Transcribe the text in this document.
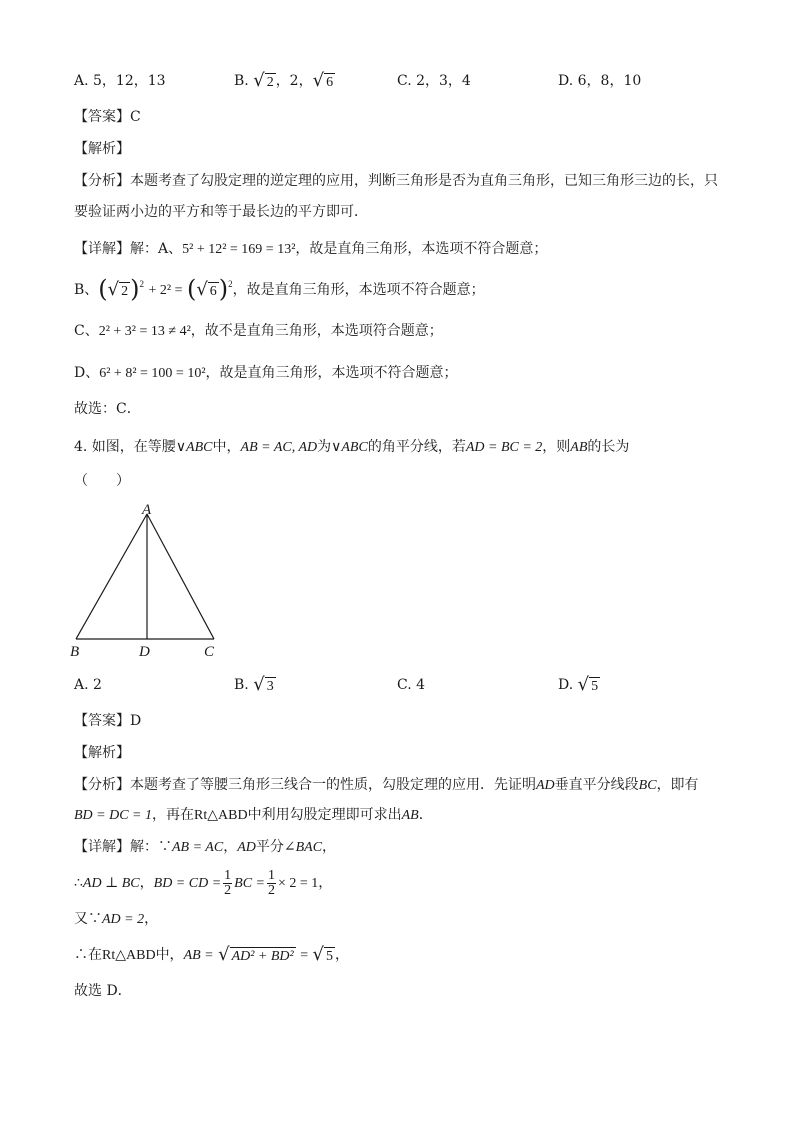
A. 5，12，13	B. √ 2 ，2， √ 6	C. 2，3，4	D. 6，8，10
【答案】C
【解析】
【分析】本题考查了勾股定理的逆定理的应用，判断三角形是否为直角三角形，已知三角形三边的长，只
要验证两小边的平方和等于最长边的平方即可．
【详解】解：A、5² + 12² = 169 = 13²，故是直角三角形，本选项不符合题意；
B、( √ 2 )$^2$ + 2² = ( √ 6 )$^2$，故是直角三角形，本选项不符合题意；
C、2² + 3² = 13 ≠ 4²，故不是直角三角形，本选项符合题意；
D、6² + 8² = 100 = 10²，故是直角三角形，本选项不符合题意；
故选：C．
4. 如图，在等腰∨ABC中，AB = AC, AD为∨ABC的角平分线，若AD = BC = 2，则AB的长为
（　　）
A
B	D	C
A. 2	B. √ 3	C. 4	D. √ 5
【答案】D
【解析】
【分析】本题考查了等腰三角形三线合一的性质，勾股定理的应用．先证明AD垂直平分线段BC，即有
BD = DC = 1，再在Rt△ABD中利用勾股定理即可求出AB．
【详解】解：∵AB = AC，AD平分∠BAC，
∴AD ⊥ BC，BD = CD = $\frac{1}{2}$ BC = $\frac{1}{2} \times 2 = 1$，
又∵AD = 2，
∴在Rt△ABD中，AB = √ AD² + BD² = √ 5 ，
故选 D．
